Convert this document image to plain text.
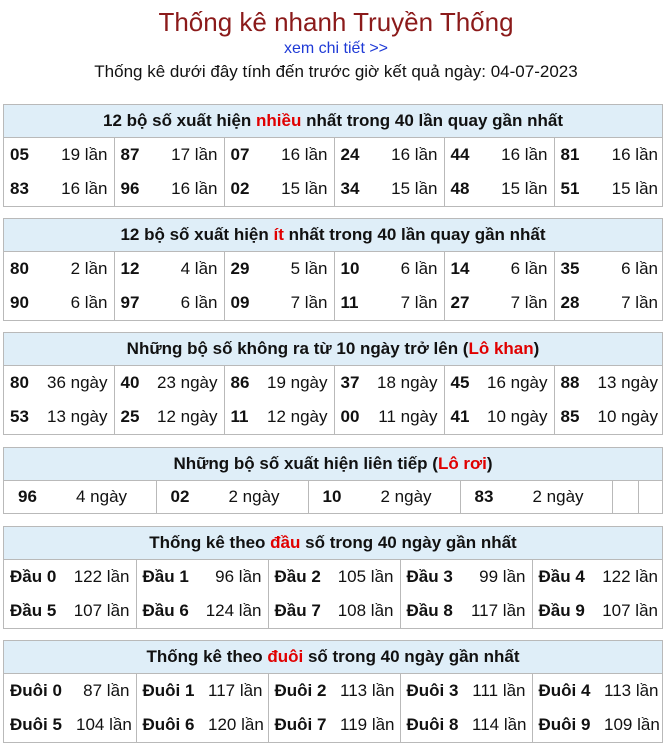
Thống kê nhanh Truyền Thống
xem chi tiết >>
Thống kê dưới đây tính đến trước giờ kết quả ngày: 04-07-2023
12 bộ số xuất hiện nhiều nhất trong 40 lần quay gần nhất
05	19 lần	87	17 lần	07	16 lần	24	16 lần	44	16 lần	81	16 lần
83	16 lần	96	16 lần	02	15 lần	34	15 lần	48	15 lần	51	15 lần
12 bộ số xuất hiện ít nhất trong 40 lần quay gần nhất
80	2 lần	12	4 lần	29	5 lần	10	6 lần	14	6 lần	35	6 lần
90	6 lần	97	6 lần	09	7 lần	11	7 lần	27	7 lần	28	7 lần
Những bộ số không ra từ 10 ngày trở lên (Lô khan)
80	36 ngày	40	23 ngày	86	19 ngày	37	18 ngày	45	16 ngày	88	13 ngày
53	13 ngày	25	12 ngày	11	12 ngày	00	11 ngày	41	10 ngày	85	10 ngày
Những bộ số xuất hiện liên tiếp (Lô rơi)
96 4 ngày	02 2 ngày	10 2 ngày	83 2 ngày		
Thống kê theo đầu số trong 40 ngày gần nhất
Đầu 0	122 lần	Đầu 1	96 lần	Đầu 2	105 lần	Đầu 3	99 lần	Đầu 4	122 lần
Đầu 5	107 lần	Đầu 6	124 lần	Đầu 7	108 lần	Đầu 8	117 lần	Đầu 9	107 lần
Thống kê theo đuôi số trong 40 ngày gần nhất
Đuôi 0	87 lần	Đuôi 1	117 lần	Đuôi 2	113 lần	Đuôi 3	111 lần	Đuôi 4	113 lần
Đuôi 5	104 lần	Đuôi 6	120 lần	Đuôi 7	119 lần	Đuôi 8	114 lần	Đuôi 9	109 lần
